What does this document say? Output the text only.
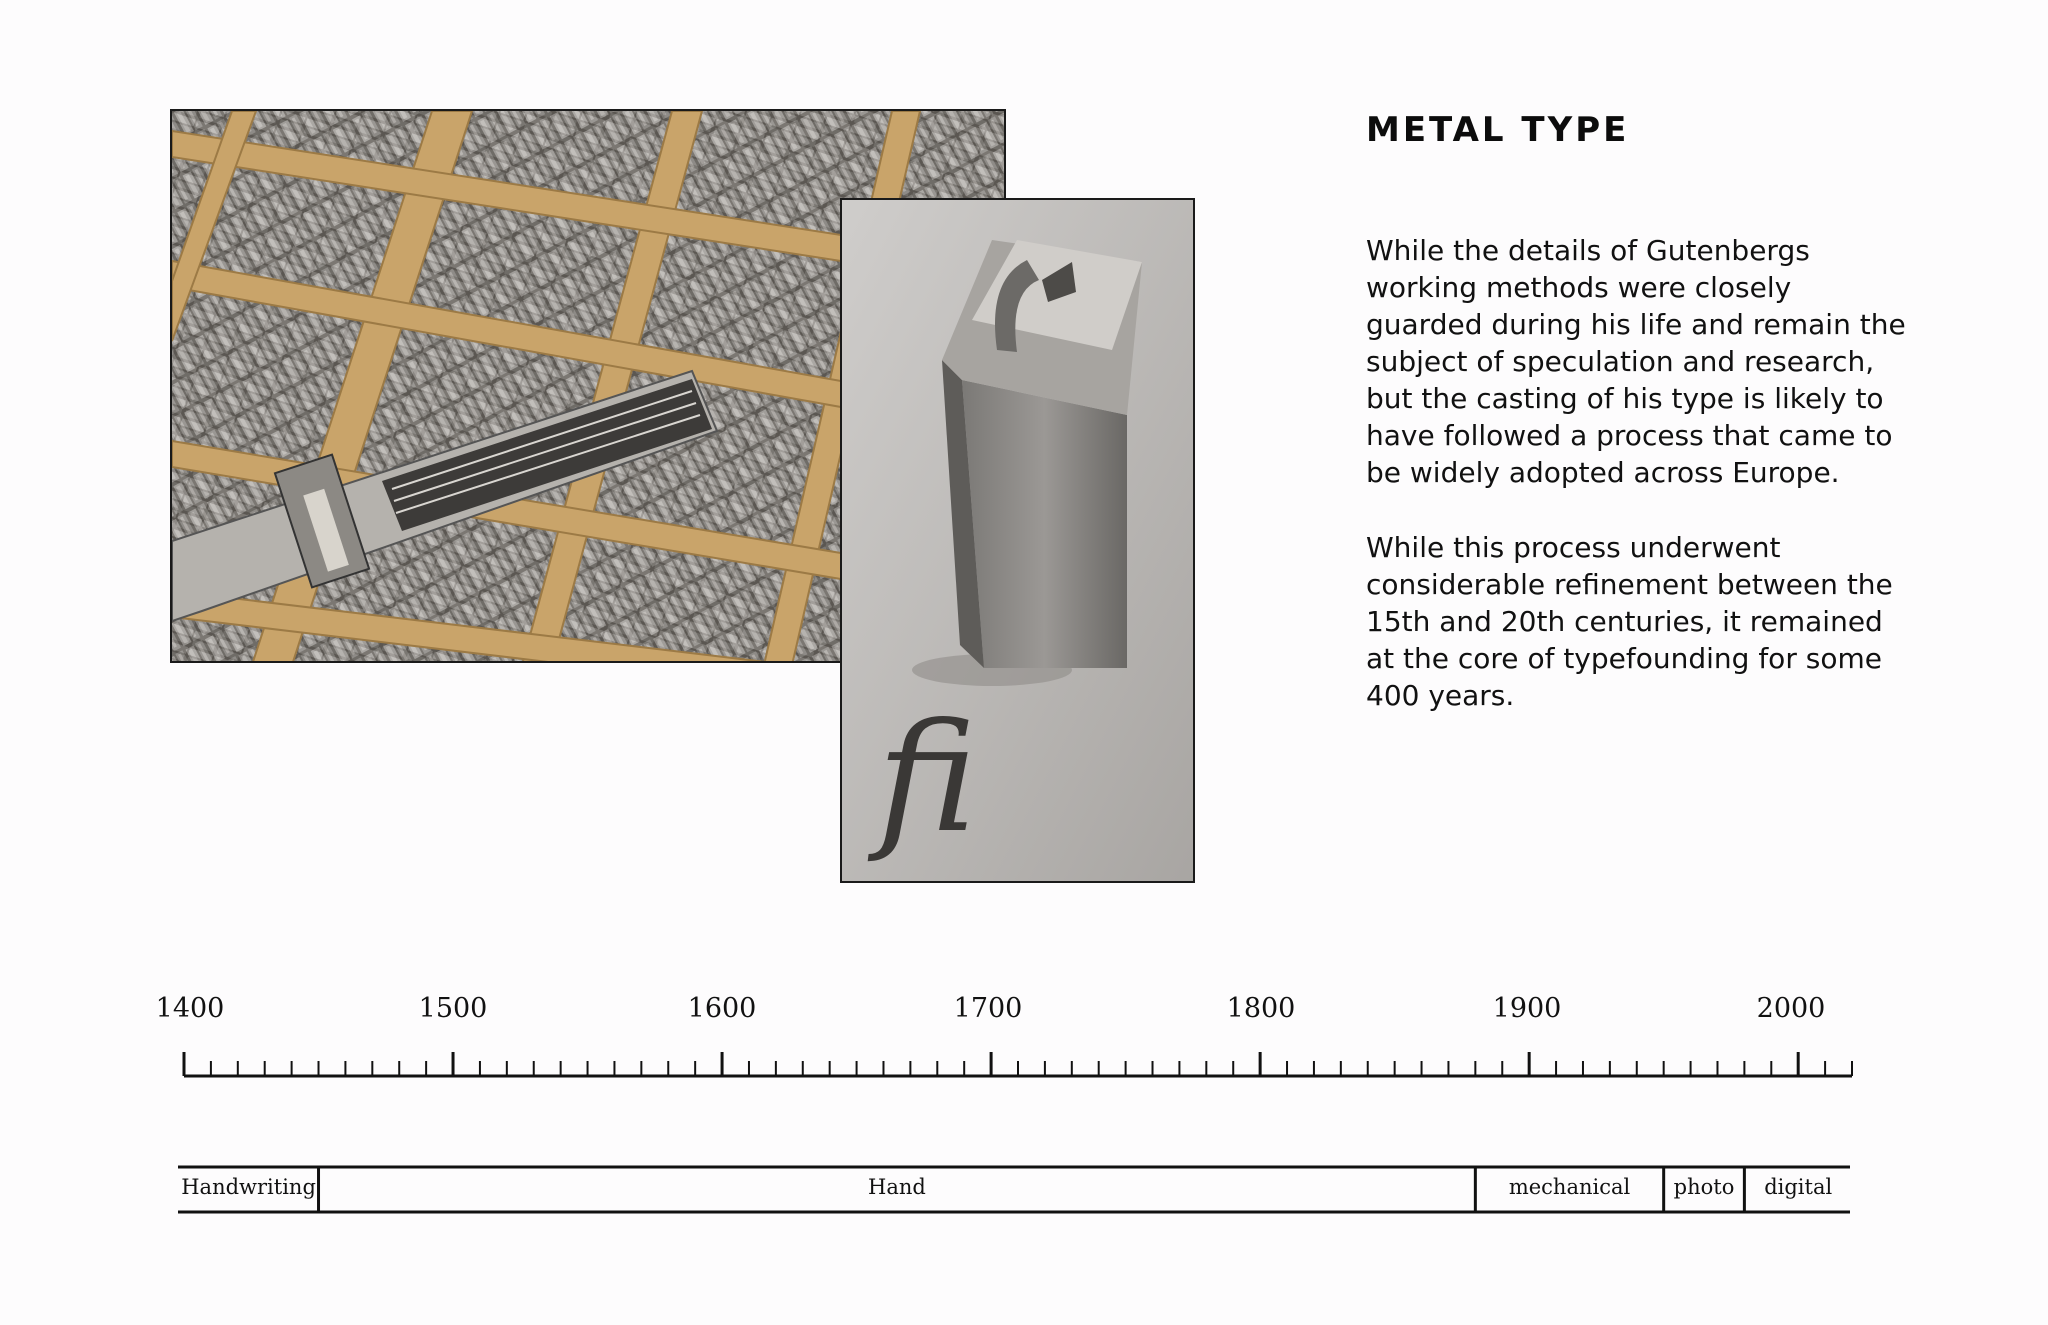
fi
METAL TYPE

While the details of Gutenbergs working methods were closely guarded during his life and remain the subject of speculation and research, but the casting of his type is likely to have followed a process that came to be widely adopted across Europe.

While this process underwent considerable refinement between the 15th and 20th centuries, it remained at the core of typefounding for some 400 years.

1400	1500	1600	1700	1800	1900	2000
Handwriting	Hand	mechanical photo digital
